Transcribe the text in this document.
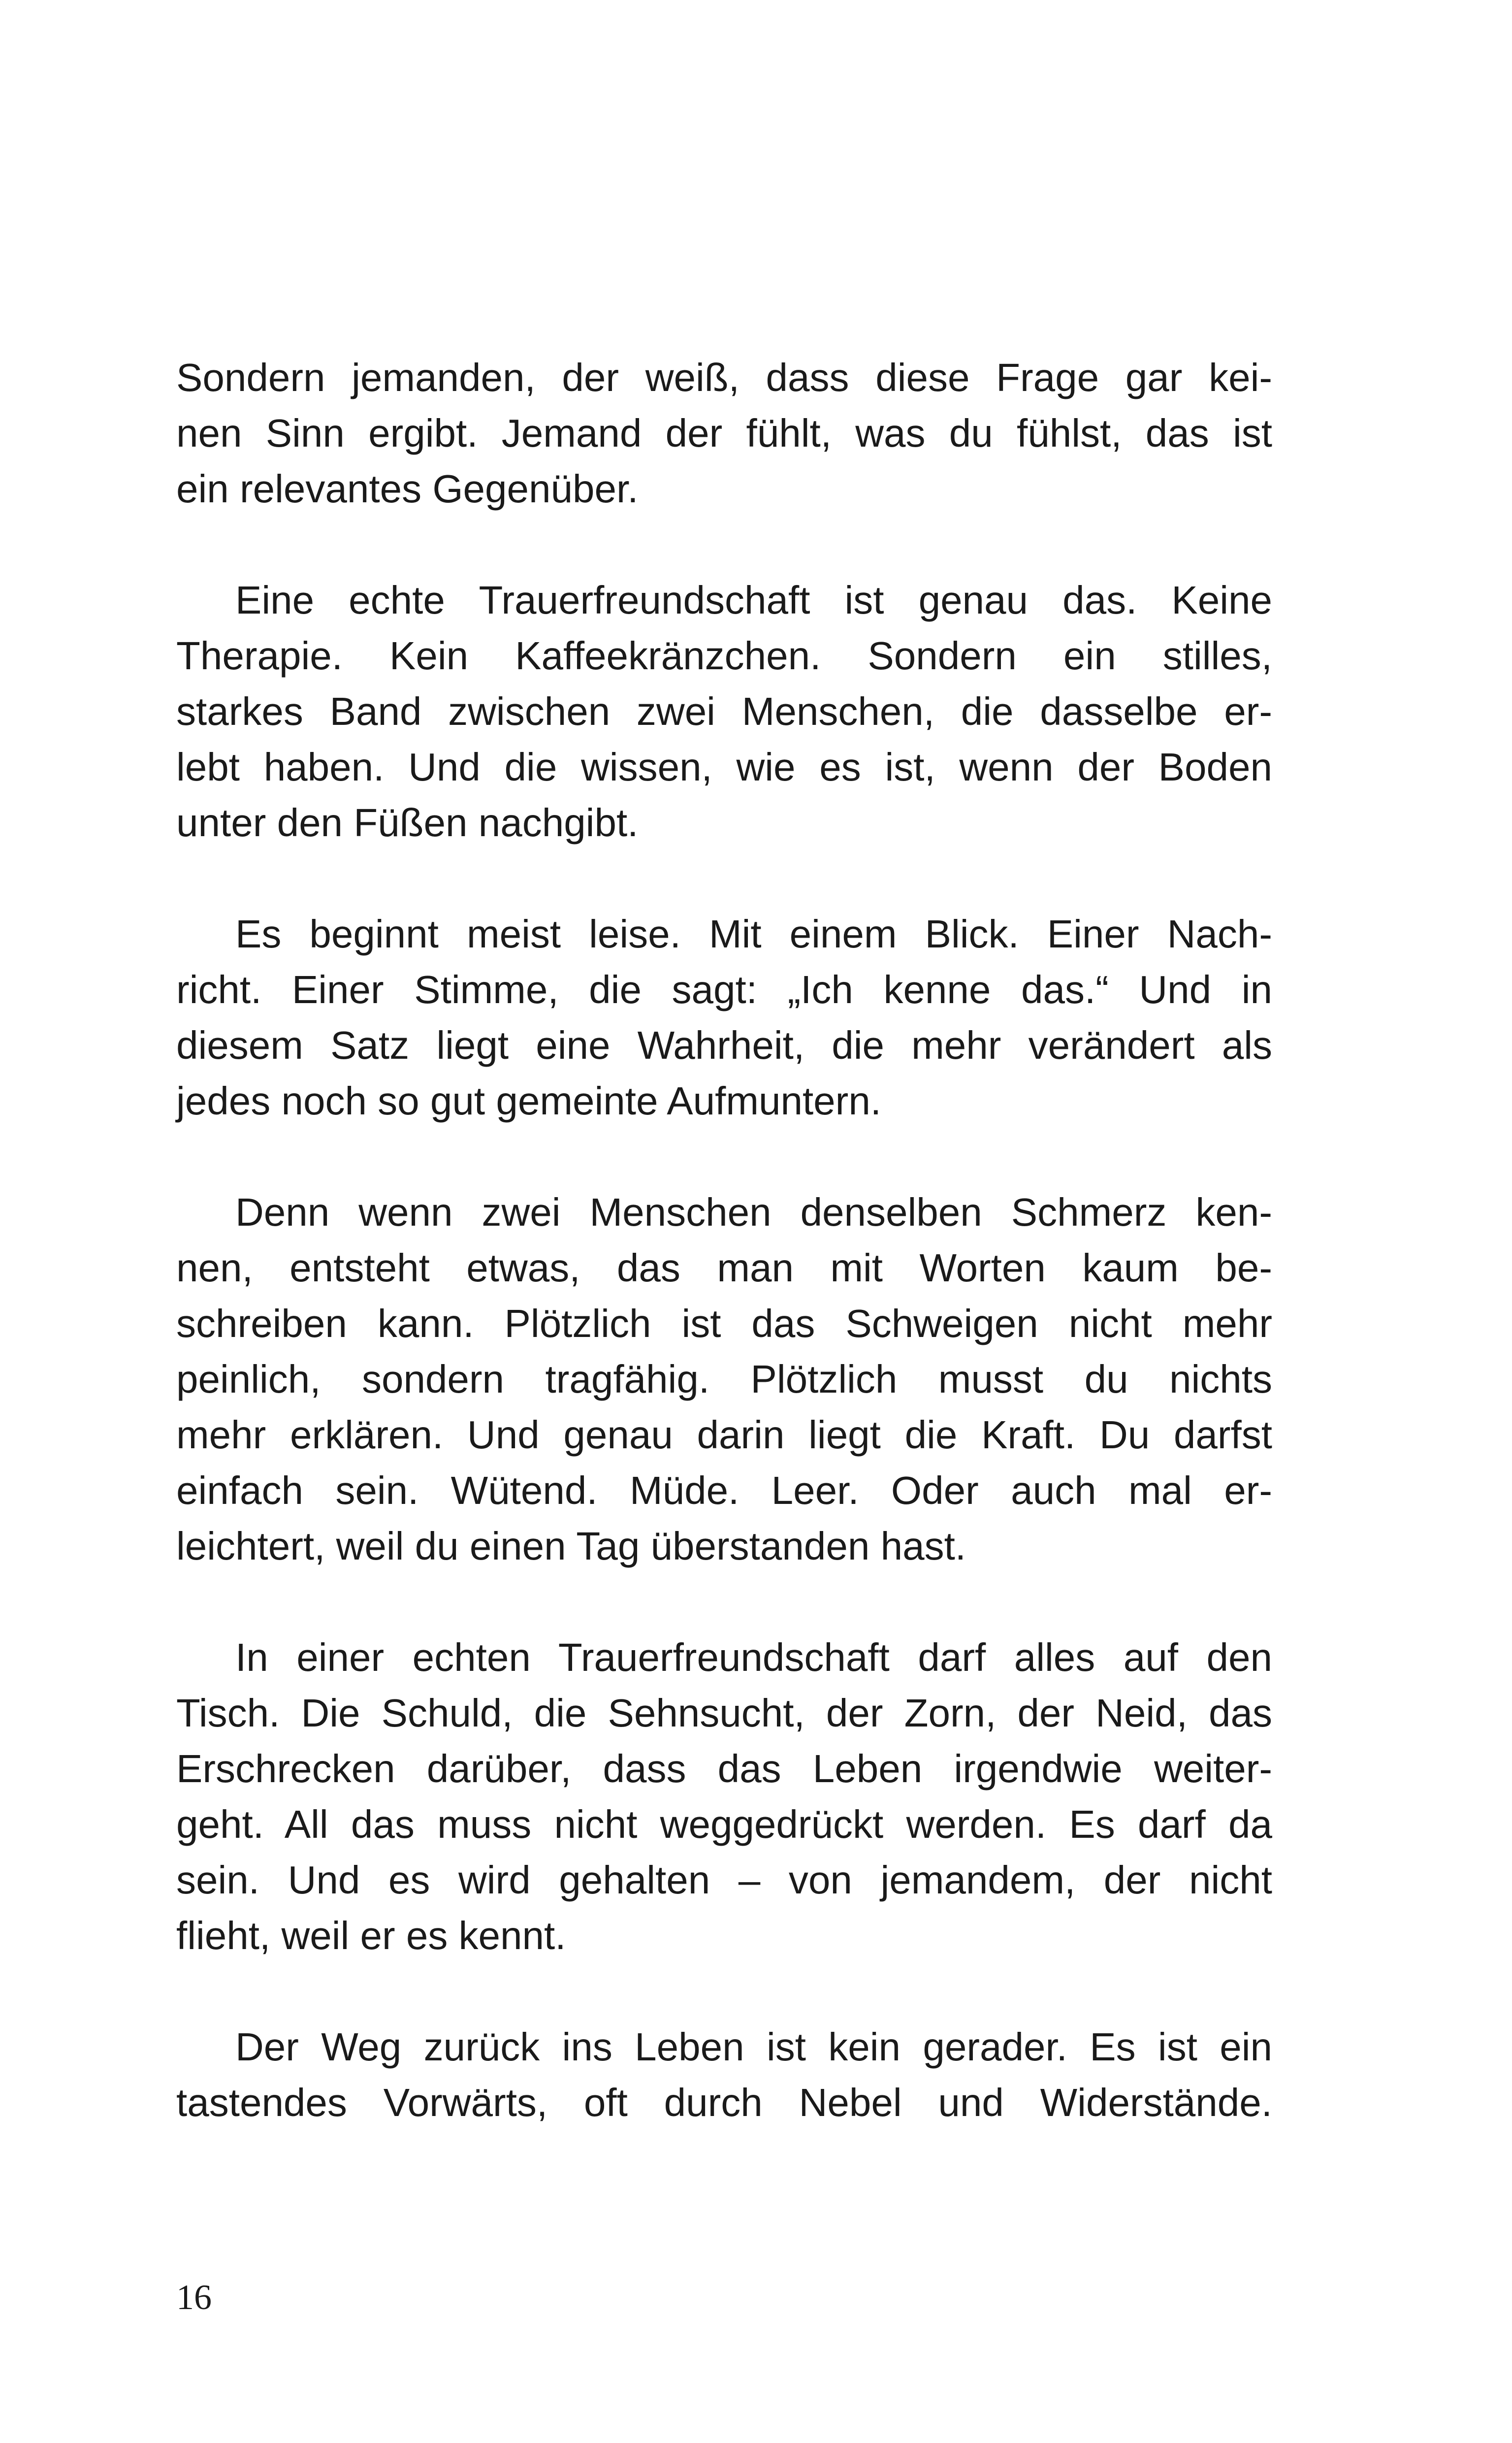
Sondern jemanden, der weiß, dass diese Frage gar kei-
nen Sinn ergibt. Jemand der fühlt, was du fühlst, das ist
ein relevantes Gegenüber.
Eine echte Trauerfreundschaft ist genau das. Keine
Therapie. Kein Kaffeekränzchen. Sondern ein stilles,
starkes Band zwischen zwei Menschen, die dasselbe er-
lebt haben. Und die wissen, wie es ist, wenn der Boden
unter den Füßen nachgibt.
Es beginnt meist leise. Mit einem Blick. Einer Nach-
richt. Einer Stimme, die sagt: „Ich kenne das.“ Und in
diesem Satz liegt eine Wahrheit, die mehr verändert als
jedes noch so gut gemeinte Aufmuntern.
Denn wenn zwei Menschen denselben Schmerz ken-
nen, entsteht etwas, das man mit Worten kaum be-
schreiben kann. Plötzlich ist das Schweigen nicht mehr
peinlich, sondern tragfähig. Plötzlich musst du nichts
mehr erklären. Und genau darin liegt die Kraft. Du darfst
einfach sein. Wütend. Müde. Leer. Oder auch mal er-
leichtert, weil du einen Tag überstanden hast.
In einer echten Trauerfreundschaft darf alles auf den
Tisch. Die Schuld, die Sehnsucht, der Zorn, der Neid, das
Erschrecken darüber, dass das Leben irgendwie weiter-
geht. All das muss nicht weggedrückt werden. Es darf da
sein. Und es wird gehalten – von jemandem, der nicht
flieht, weil er es kennt.
Der Weg zurück ins Leben ist kein gerader. Es ist ein
tastendes Vorwärts, oft durch Nebel und Widerstände.
16
